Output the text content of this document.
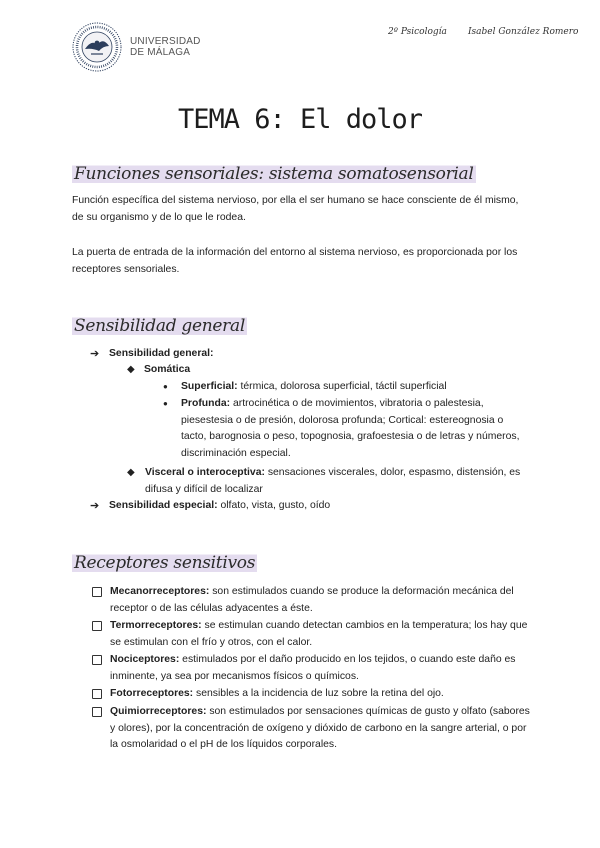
UNIVERSIDAD
DE MÁLAGA
2º Psicología Isabel González Romero
TEMA 6: El dolor
Funciones sensoriales: sistema somatosensorial
Función específica del sistema nervioso, por ella el ser humano se hace consciente de él mismo, de su organismo y de lo que le rodea.
La puerta de entrada de la información del entorno al sistema nervioso, es proporcionada por los receptores sensoriales.
Sensibilidad general
➔ Sensibilidad general:
◆ Somática
● Superficial: térmica, dolorosa superficial, táctil superficial
● Profunda: artrocinética o de movimientos, vibratoria o palestesia, piesestesia o de presión, dolorosa profunda; Cortical: estereognosia o tacto, barognosia o peso, topognosia, grafoestesia o de letras y números, discriminación especial.
◆ Visceral o interoceptiva: sensaciones viscerales, dolor, espasmo, distensión, es difusa y difícil de localizar
➔ Sensibilidad especial: olfato, vista, gusto, oído
Receptores sensitivos
Mecanorreceptores: son estimulados cuando se produce la deformación mecánica del receptor o de las células adyacentes a éste.
Termorreceptores: se estimulan cuando detectan cambios en la temperatura; los hay que se estimulan con el frío y otros, con el calor.
Nociceptores: estimulados por el daño producido en los tejidos, o cuando este daño es inminente, ya sea por mecanismos físicos o químicos.
Fotorreceptores: sensibles a la incidencia de luz sobre la retina del ojo.
Quimiorreceptores: son estimulados por sensaciones químicas de gusto y olfato (sabores y olores), por la concentración de oxígeno y dióxido de carbono en la sangre arterial, o por la osmolaridad o el pH de los líquidos corporales.
